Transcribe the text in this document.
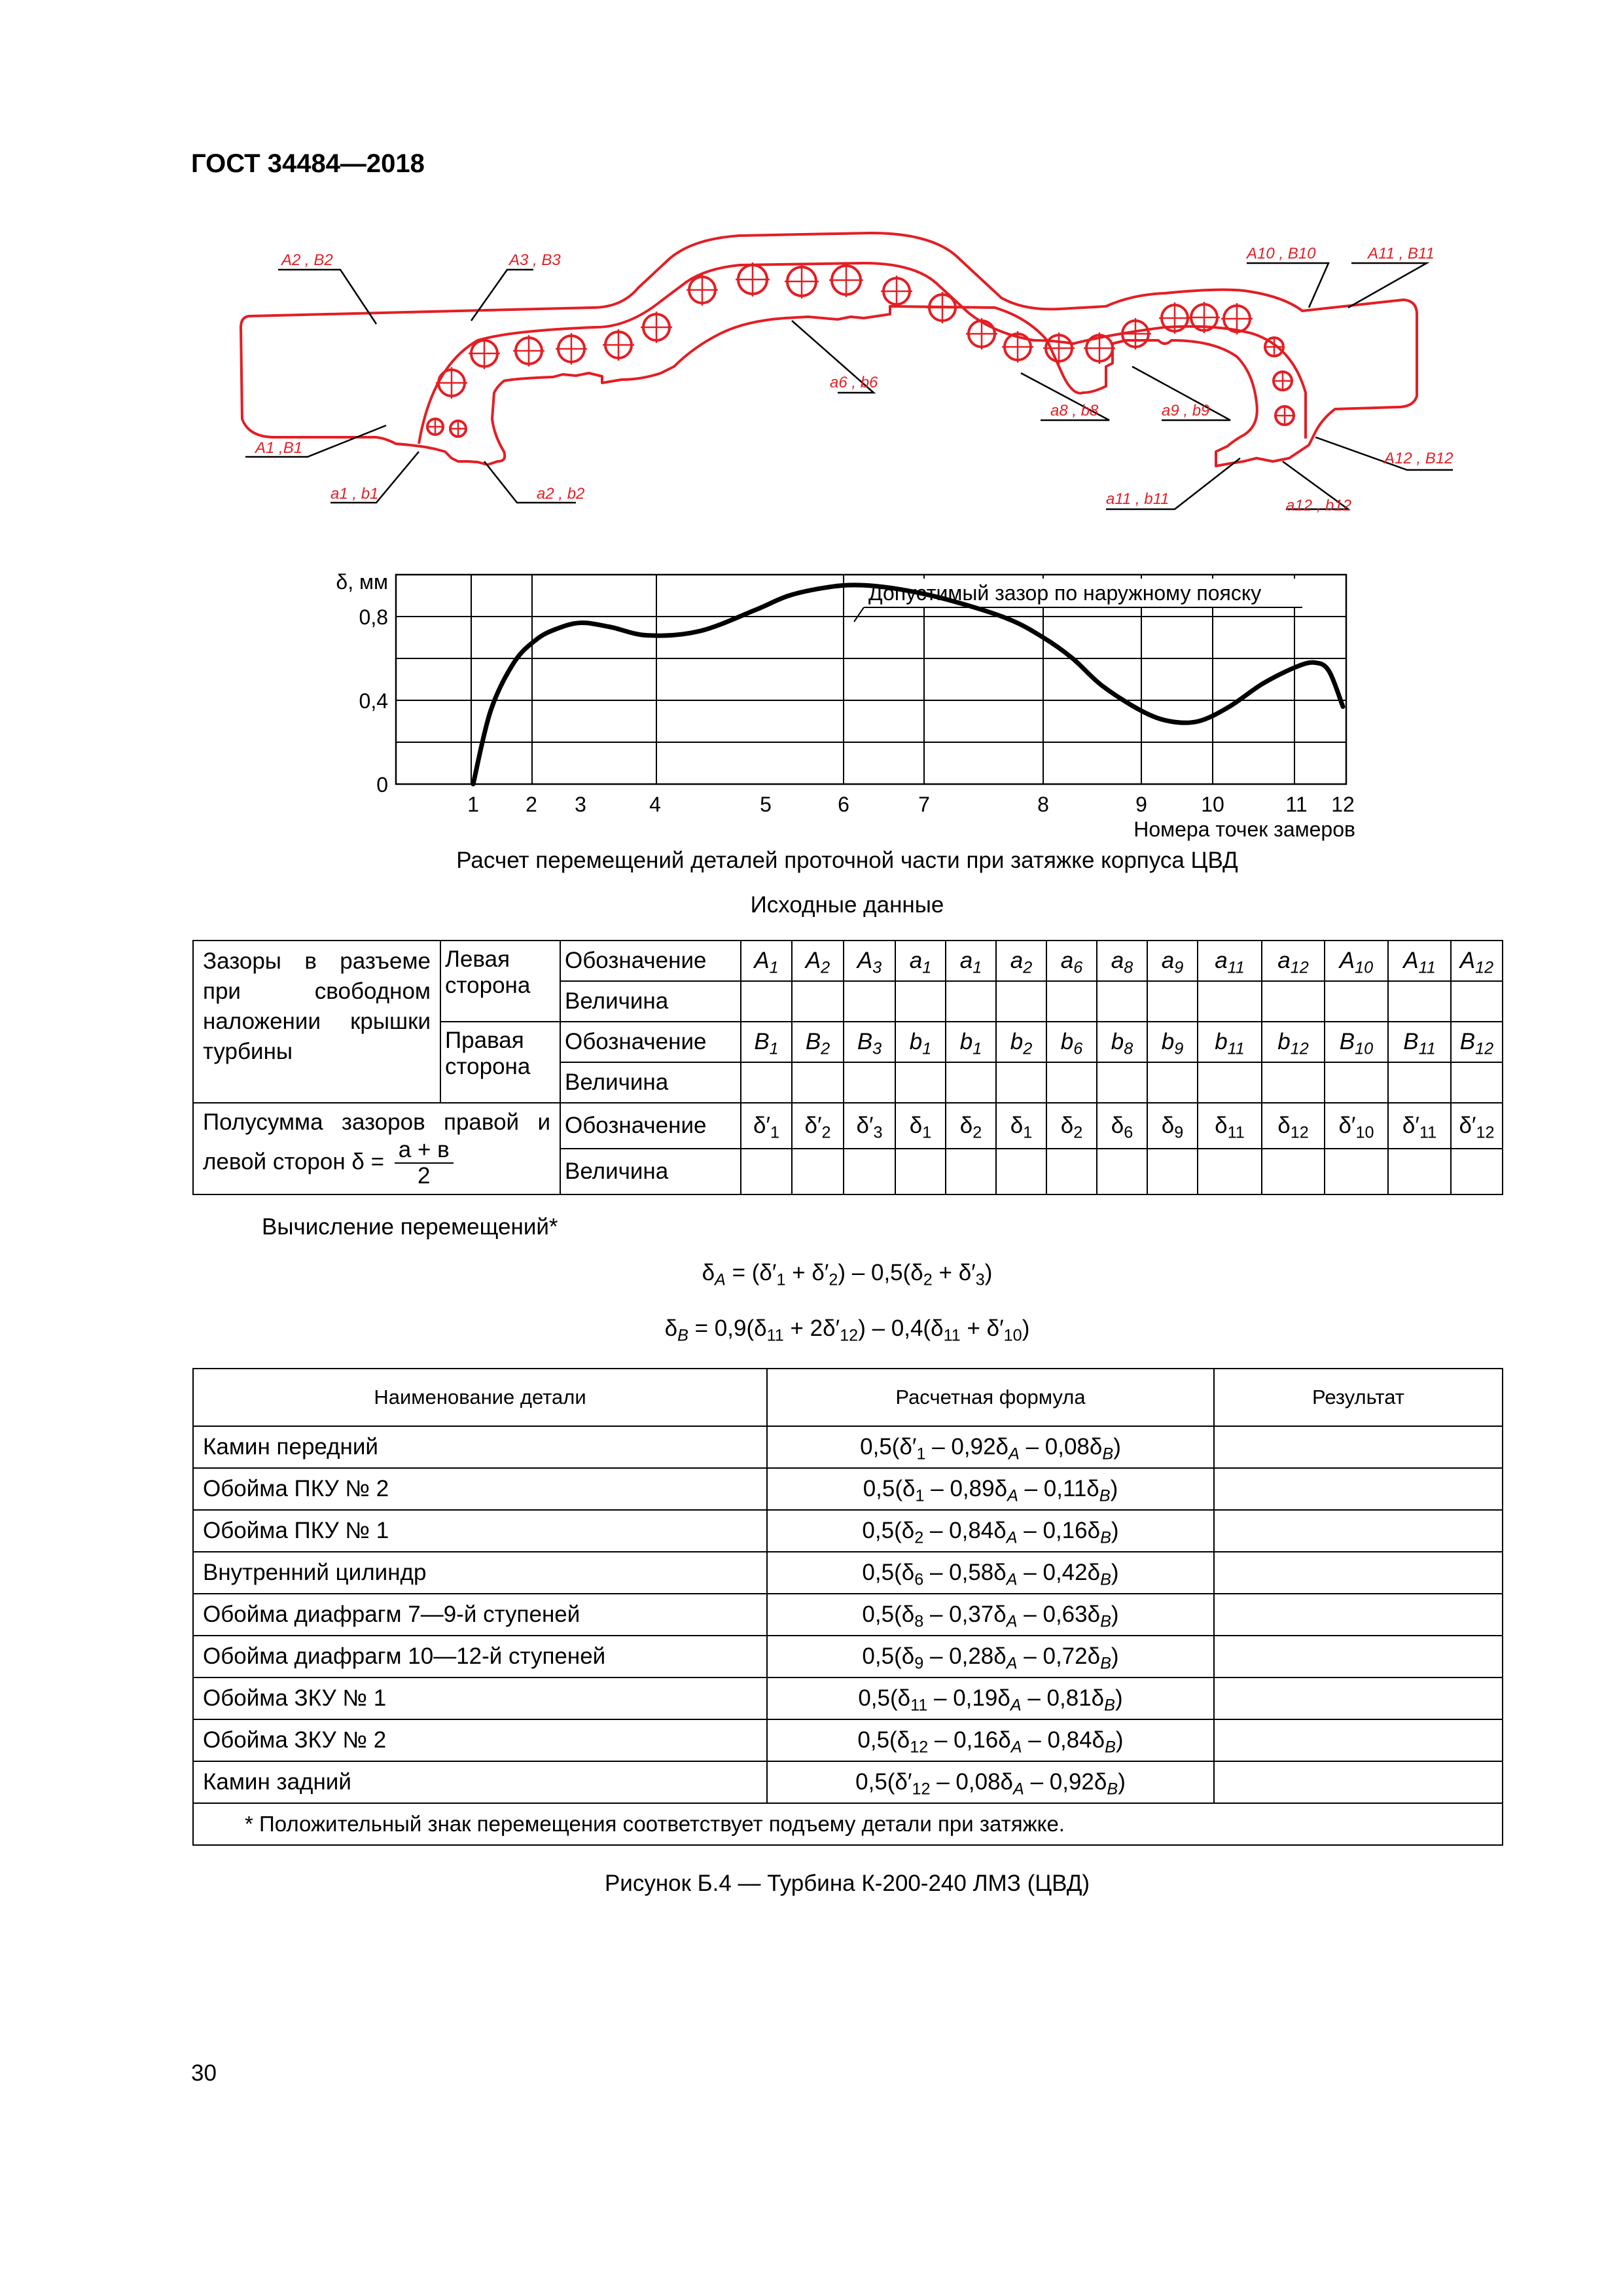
ГОСТ 34484—2018
A2 , B2	A3 , B3	A10 , B10	A11 , B11
A1 ,B1
a1 , b1	a2 , b2
a6 , b6
a8 , b8	a9 , b9
A12 , B12
a11 , b11	a12 , b12
0
0,4
0,8
δ, мм
1 2 3	4	5	6	7	8	9	10	11 12
Номера точек замеров
Допустимый зазор по наружному пояску
Расчет перемещений деталей проточной части при затяжке корпуса ЦВД
Исходные данные
Зазоры в разъеме при свободном наложении крышки турбины	Левая сторона	Обозначение	$A_1$	$A_2$	$A_3$	$a_1$	$a_1$	$a_2$	$a_6$	$a_8$	$a_9$	$a_{11}$	$a_{12}$	$A_{10}$	$A_{11}$	$A_{12}$
		Величина														
	Правая сторона	Обозначение	$B_1$	$B_2$	$B_3$	$b_1$	$b_1$	$b_2$	$b_6$	$b_8$	$b_9$	$b_{11}$	$b_{12}$	$B_{10}$	$B_{11}$	$B_{12}$
		Величина														
Полусумма зазоров правой и левой сторон $\delta = \frac{а + в}{2}$		Обозначение	$\delta'_1$	$\delta'_2$	$\delta'_3$	$\delta_1$	$\delta_2$	$\delta_1$	$\delta_2$	$\delta_6$	$\delta_9$	$\delta_{11}$	$\delta_{12}$	$\delta'_{10}$	$\delta'_{11}$	$\delta'_{12}$
		Величина														
Вычисление перемещений*
$\delta_A = (\delta'_1 + \delta'_2) - 0,5(\delta_2 + \delta'_3)$
$\delta_B = 0,9(\delta_{11} + 2\delta'_{12}) - 0,4(\delta_{11} + \delta'_{10})$
Наименование детали	Расчетная формула	Результат
Камин передний	$0,5(\delta'_1 - 0,92\delta_A - 0,08\delta_B)$	
Обойма ПКУ № 2	$0,5(\delta_1 - 0,89\delta_A - 0,11\delta_B)$	
Обойма ПКУ № 1	$0,5(\delta_2 - 0,84\delta_A - 0,16\delta_B)$	
Внутренний цилиндр	$0,5(\delta_6 - 0,58\delta_A - 0,42\delta_B)$	
Обойма диафрагм 7—9-й ступеней	$0,5(\delta_8 - 0,37\delta_A - 0,63\delta_B)$	
Обойма диафрагм 10—12-й ступеней	$0,5(\delta_9 - 0,28\delta_A - 0,72\delta_B)$	
Обойма ЗКУ № 1	$0,5(\delta_{11} - 0,19\delta_A - 0,81\delta_B)$	
Обойма ЗКУ № 2	$0,5(\delta_{12} - 0,16\delta_A - 0,84\delta_B)$	
Камин задний	$0,5(\delta'_{12} - 0,08\delta_A - 0,92\delta_B)$	
* Положительный знак перемещения соответствует подъему детали при затяжке.		
Рисунок Б.4 — Турбина К-200-240 ЛМЗ (ЦВД)
30
